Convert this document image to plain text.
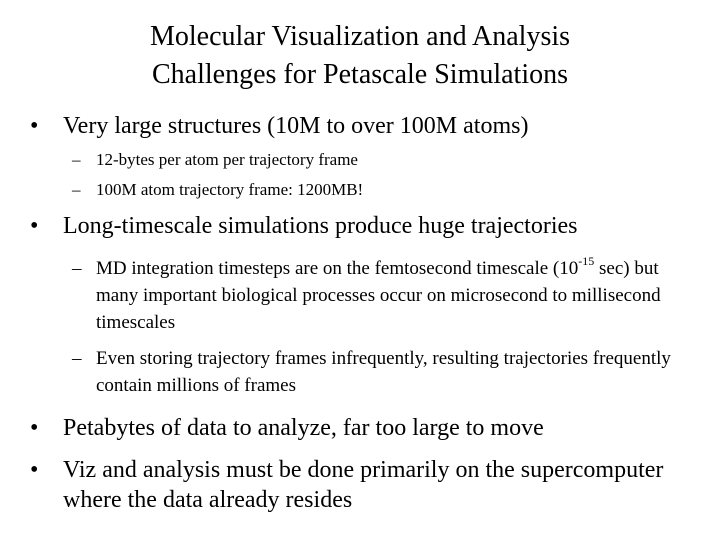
Molecular Visualization and Analysis
Challenges for Petascale Simulations
• Very large structures (10M to over 100M atoms)
– 12-bytes per atom per trajectory frame
– 100M atom trajectory frame: 1200MB!
• Long-timescale simulations produce huge trajectories
– MD integration timesteps are on the femtosecond timescale ($10^{-15}$ sec) but many important biological processes occur on microsecond to millisecond timescales
– Even storing trajectory frames infrequently, resulting trajectories frequently contain millions of frames
• Petabytes of data to analyze, far too large to move
• Viz and analysis must be done primarily on the supercomputer where the data already resides
